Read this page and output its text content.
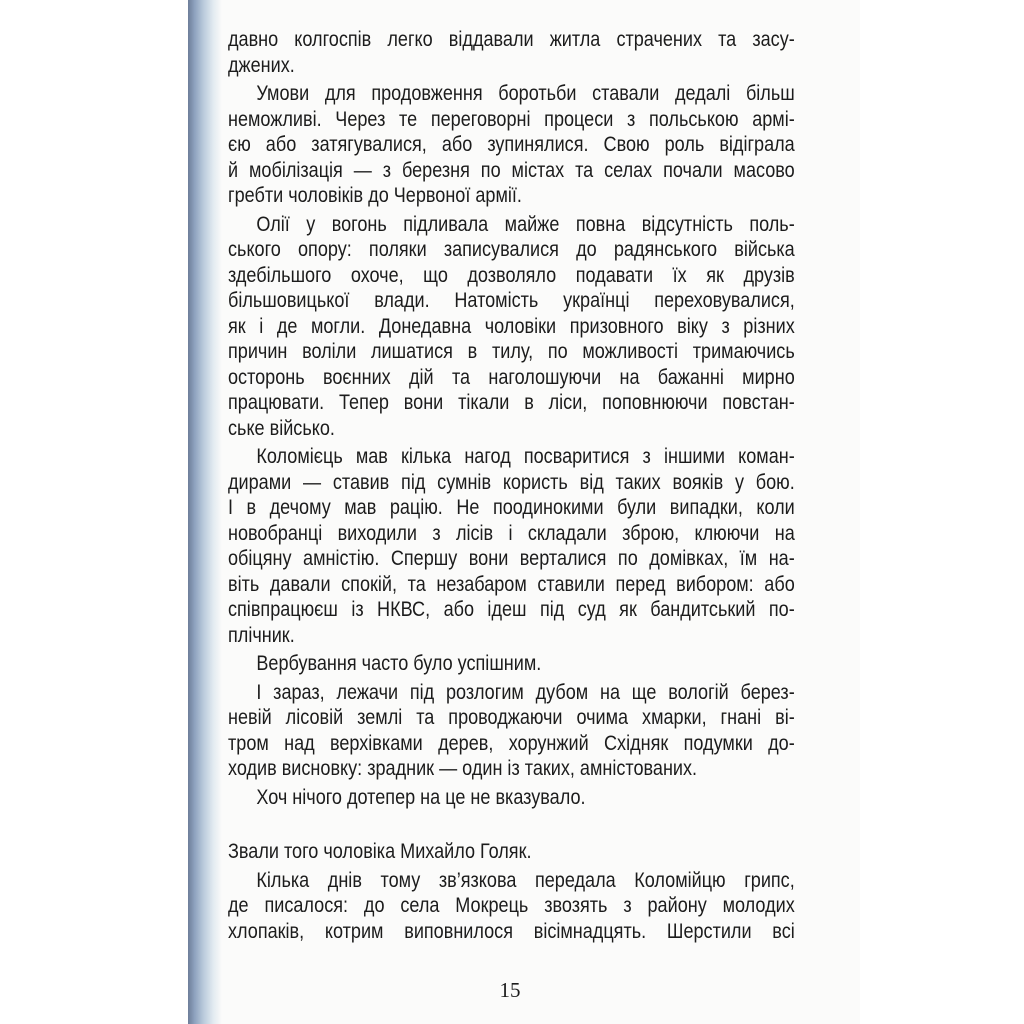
давно колгоспів легко віддавали житла страчених та засу-
джених.
Умови для продовження боротьби ставали дедалі більш
неможливі. Через те переговорні процеси з польською армі-
єю або затягувалися, або зупинялися. Свою роль відіграла
й мобілізація — з березня по містах та селах почали масово
гребти чоловіків до Червоної армії.
Олії у вогонь підливала майже повна відсутність поль-
ського опору: поляки записувалися до радянського війська
здебільшого охоче, що дозволяло подавати їх як друзів
більшовицької влади. Натомість українці переховувалися,
як і де могли. Донедавна чоловіки призовного віку з різних
причин воліли лишатися в тилу, по можливості тримаючись
осторонь воєнних дій та наголошуючи на бажанні мирно
працювати. Тепер вони тікали в ліси, поповнюючи повстан-
ське військо.
Коломієць мав кілька нагод посваритися з іншими коман-
дирами — ставив під сумнів користь від таких вояків у бою.
І в дечому мав рацію. Не поодинокими були випадки, коли
новобранці виходили з лісів і складали зброю, клюючи на
обіцяну амністію. Спершу вони верталися по домівках, їм на-
віть давали спокій, та незабаром ставили перед вибором: або
співпрацюєш із НКВС, або ідеш під суд як бандитський по-
плічник.
Вербування часто було успішним.
І зараз, лежачи під розлогим дубом на ще вологій берез-
невій лісовій землі та проводжаючи очима хмарки, гнані ві-
тром над верхівками дерев, хорунжий Східняк подумки до-
ходив висновку: зрадник — один із таких, амністованих.
Хоч нічого дотепер на це не вказувало.
Звали того чоловіка Михайло Голяк.
Кілька днів тому зв’язкова передала Коломійцю грипс,
де писалося: до села Мокрець звозять з району молодих
хлопаків, котрим виповнилося вісімнадцять. Шерстили всі
15
